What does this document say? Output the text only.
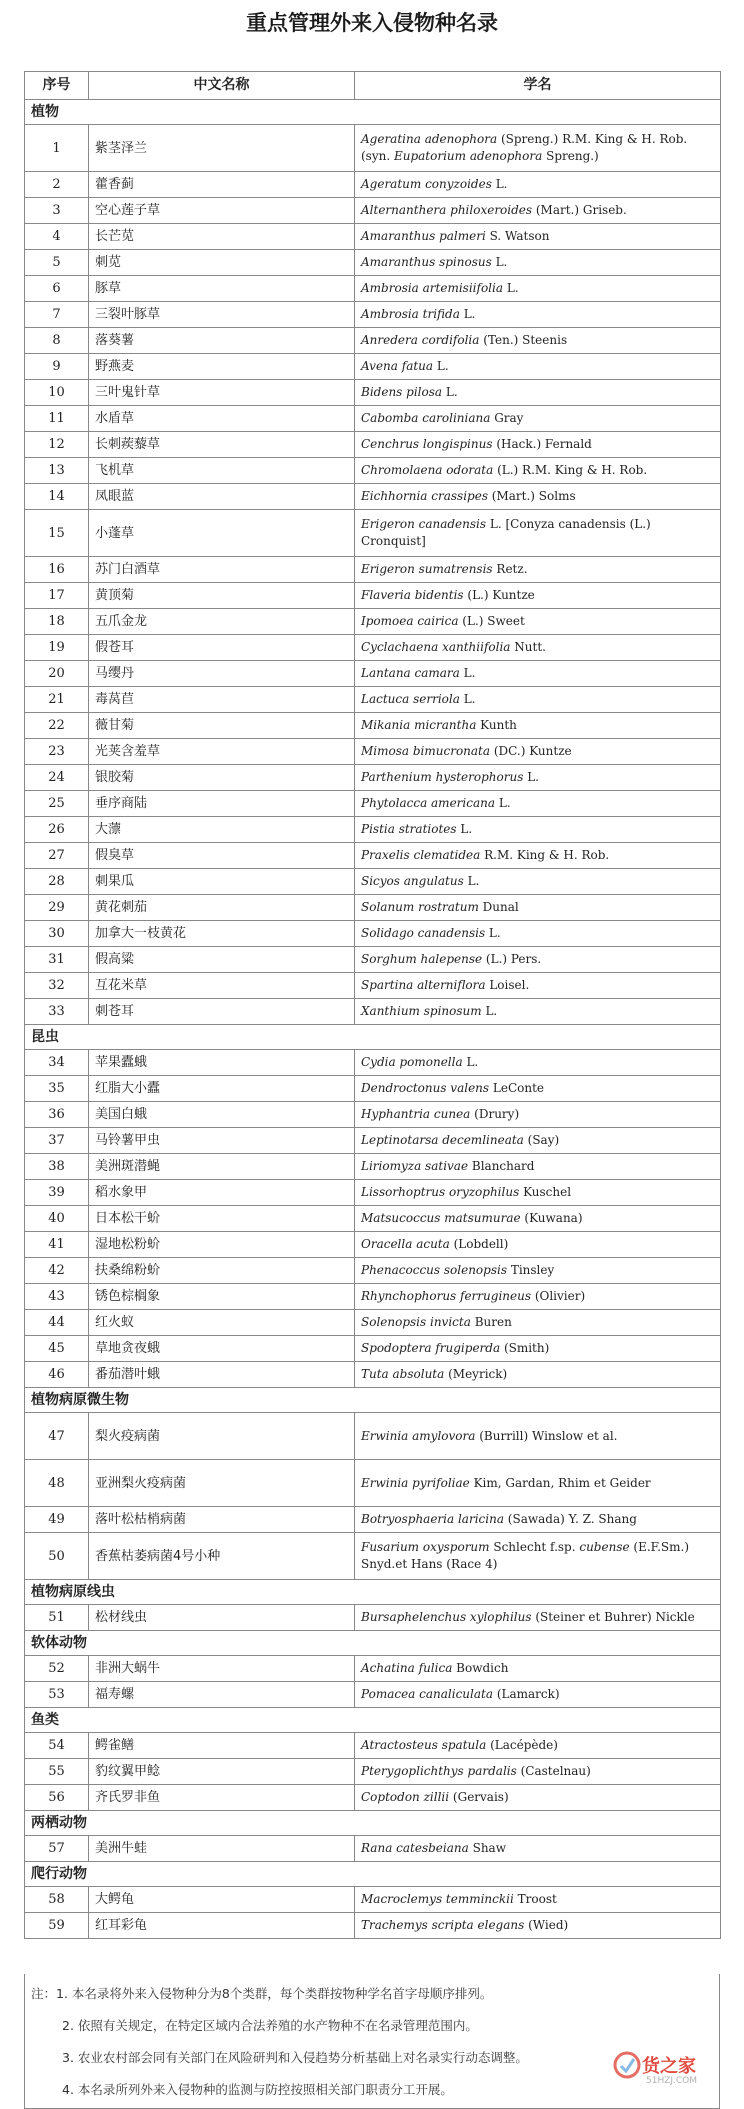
重点管理外来入侵物种名录
序号	中文名称	学名
植物		
1	紫茎泽兰	Ageratina adenophora (Spreng.) R.M. King & H. Rob. (syn. Eupatorium adenophora Spreng.)
2	藿香蓟	Ageratum conyzoides L.
3	空心莲子草	Alternanthera philoxeroides (Mart.) Griseb.
4	长芒苋	Amaranthus palmeri S. Watson
5	刺苋	Amaranthus spinosus L.
6	豚草	Ambrosia artemisiifolia L.
7	三裂叶豚草	Ambrosia trifida L.
8	落葵薯	Anredera cordifolia (Ten.) Steenis
9	野燕麦	Avena fatua L.
10	三叶鬼针草	Bidens pilosa L.
11	水盾草	Cabomba caroliniana Gray
12	长刺蒺藜草	Cenchrus longispinus (Hack.) Fernald
13	飞机草	Chromolaena odorata (L.) R.M. King & H. Rob.
14	凤眼蓝	Eichhornia crassipes (Mart.) Solms
15	小蓬草	Erigeron canadensis L. [Conyza canadensis (L.) Cronquist]
16	苏门白酒草	Erigeron sumatrensis Retz.
17	黄顶菊	Flaveria bidentis (L.) Kuntze
18	五爪金龙	Ipomoea cairica (L.) Sweet
19	假苍耳	Cyclachaena xanthiifolia Nutt.
20	马缨丹	Lantana camara L.
21	毒莴苣	Lactuca serriola L.
22	薇甘菊	Mikania micrantha Kunth
23	光荚含羞草	Mimosa bimucronata (DC.) Kuntze
24	银胶菊	Parthenium hysterophorus L.
25	垂序商陆	Phytolacca americana L.
26	大薸	Pistia stratiotes L.
27	假臭草	Praxelis clematidea R.M. King & H. Rob.
28	刺果瓜	Sicyos angulatus L.
29	黄花刺茄	Solanum rostratum Dunal
30	加拿大一枝黄花	Solidago canadensis L.
31	假高粱	Sorghum halepense (L.) Pers.
32	互花米草	Spartina alterniflora Loisel.
33	刺苍耳	Xanthium spinosum L.
昆虫		
34	苹果蠹蛾	Cydia pomonella L.
35	红脂大小蠹	Dendroctonus valens LeConte
36	美国白蛾	Hyphantria cunea (Drury)
37	马铃薯甲虫	Leptinotarsa decemlineata (Say)
38	美洲斑潜蝇	Liriomyza sativae Blanchard
39	稻水象甲	Lissorhoptrus oryzophilus Kuschel
40	日本松干蚧	Matsucoccus matsumurae (Kuwana)
41	湿地松粉蚧	Oracella acuta (Lobdell)
42	扶桑绵粉蚧	Phenacoccus solenopsis Tinsley
43	锈色棕榈象	Rhynchophorus ferrugineus (Olivier)
44	红火蚁	Solenopsis invicta Buren
45	草地贪夜蛾	Spodoptera frugiperda (Smith)
46	番茄潜叶蛾	Tuta absoluta (Meyrick)
植物病原微生物		
47	梨火疫病菌	Erwinia amylovora (Burrill) Winslow et al.
48	亚洲梨火疫病菌	Erwinia pyrifoliae Kim, Gardan, Rhim et Geider
49	落叶松枯梢病菌	Botryosphaeria laricina (Sawada) Y. Z. Shang
50	香蕉枯萎病菌4号小种	Fusarium oxysporum Schlecht f.sp. cubense (E.F.Sm.) Snyd.et Hans (Race 4)
植物病原线虫		
51	松材线虫	Bursaphelenchus xylophilus (Steiner et Buhrer) Nickle
软体动物		
52	非洲大蜗牛	Achatina fulica Bowdich
53	福寿螺	Pomacea canaliculata (Lamarck)
鱼类		
54	鳄雀鳝	Atractosteus spatula (Lacépède)
55	豹纹翼甲鲶	Pterygoplichthys pardalis (Castelnau)
56	齐氏罗非鱼	Coptodon zillii (Gervais)
两栖动物		
57	美洲牛蛙	Rana catesbeiana Shaw
爬行动物		
58	大鳄龟	Macroclemys temminckii Troost
59	红耳彩龟	Trachemys scripta elegans (Wied)
注：1. 本名录将外来入侵物种分为8个类群，每个类群按物种学名首字母顺序排列。
2. 依照有关规定，在特定区域内合法养殖的水产物种不在名录管理范围内。
3. 农业农村部会同有关部门在风险研判和入侵趋势分析基础上对名录实行动态调整。
4. 本名录所列外来入侵物种的监测与防控按照相关部门职责分工开展。
货之家
51HZJ.COM
